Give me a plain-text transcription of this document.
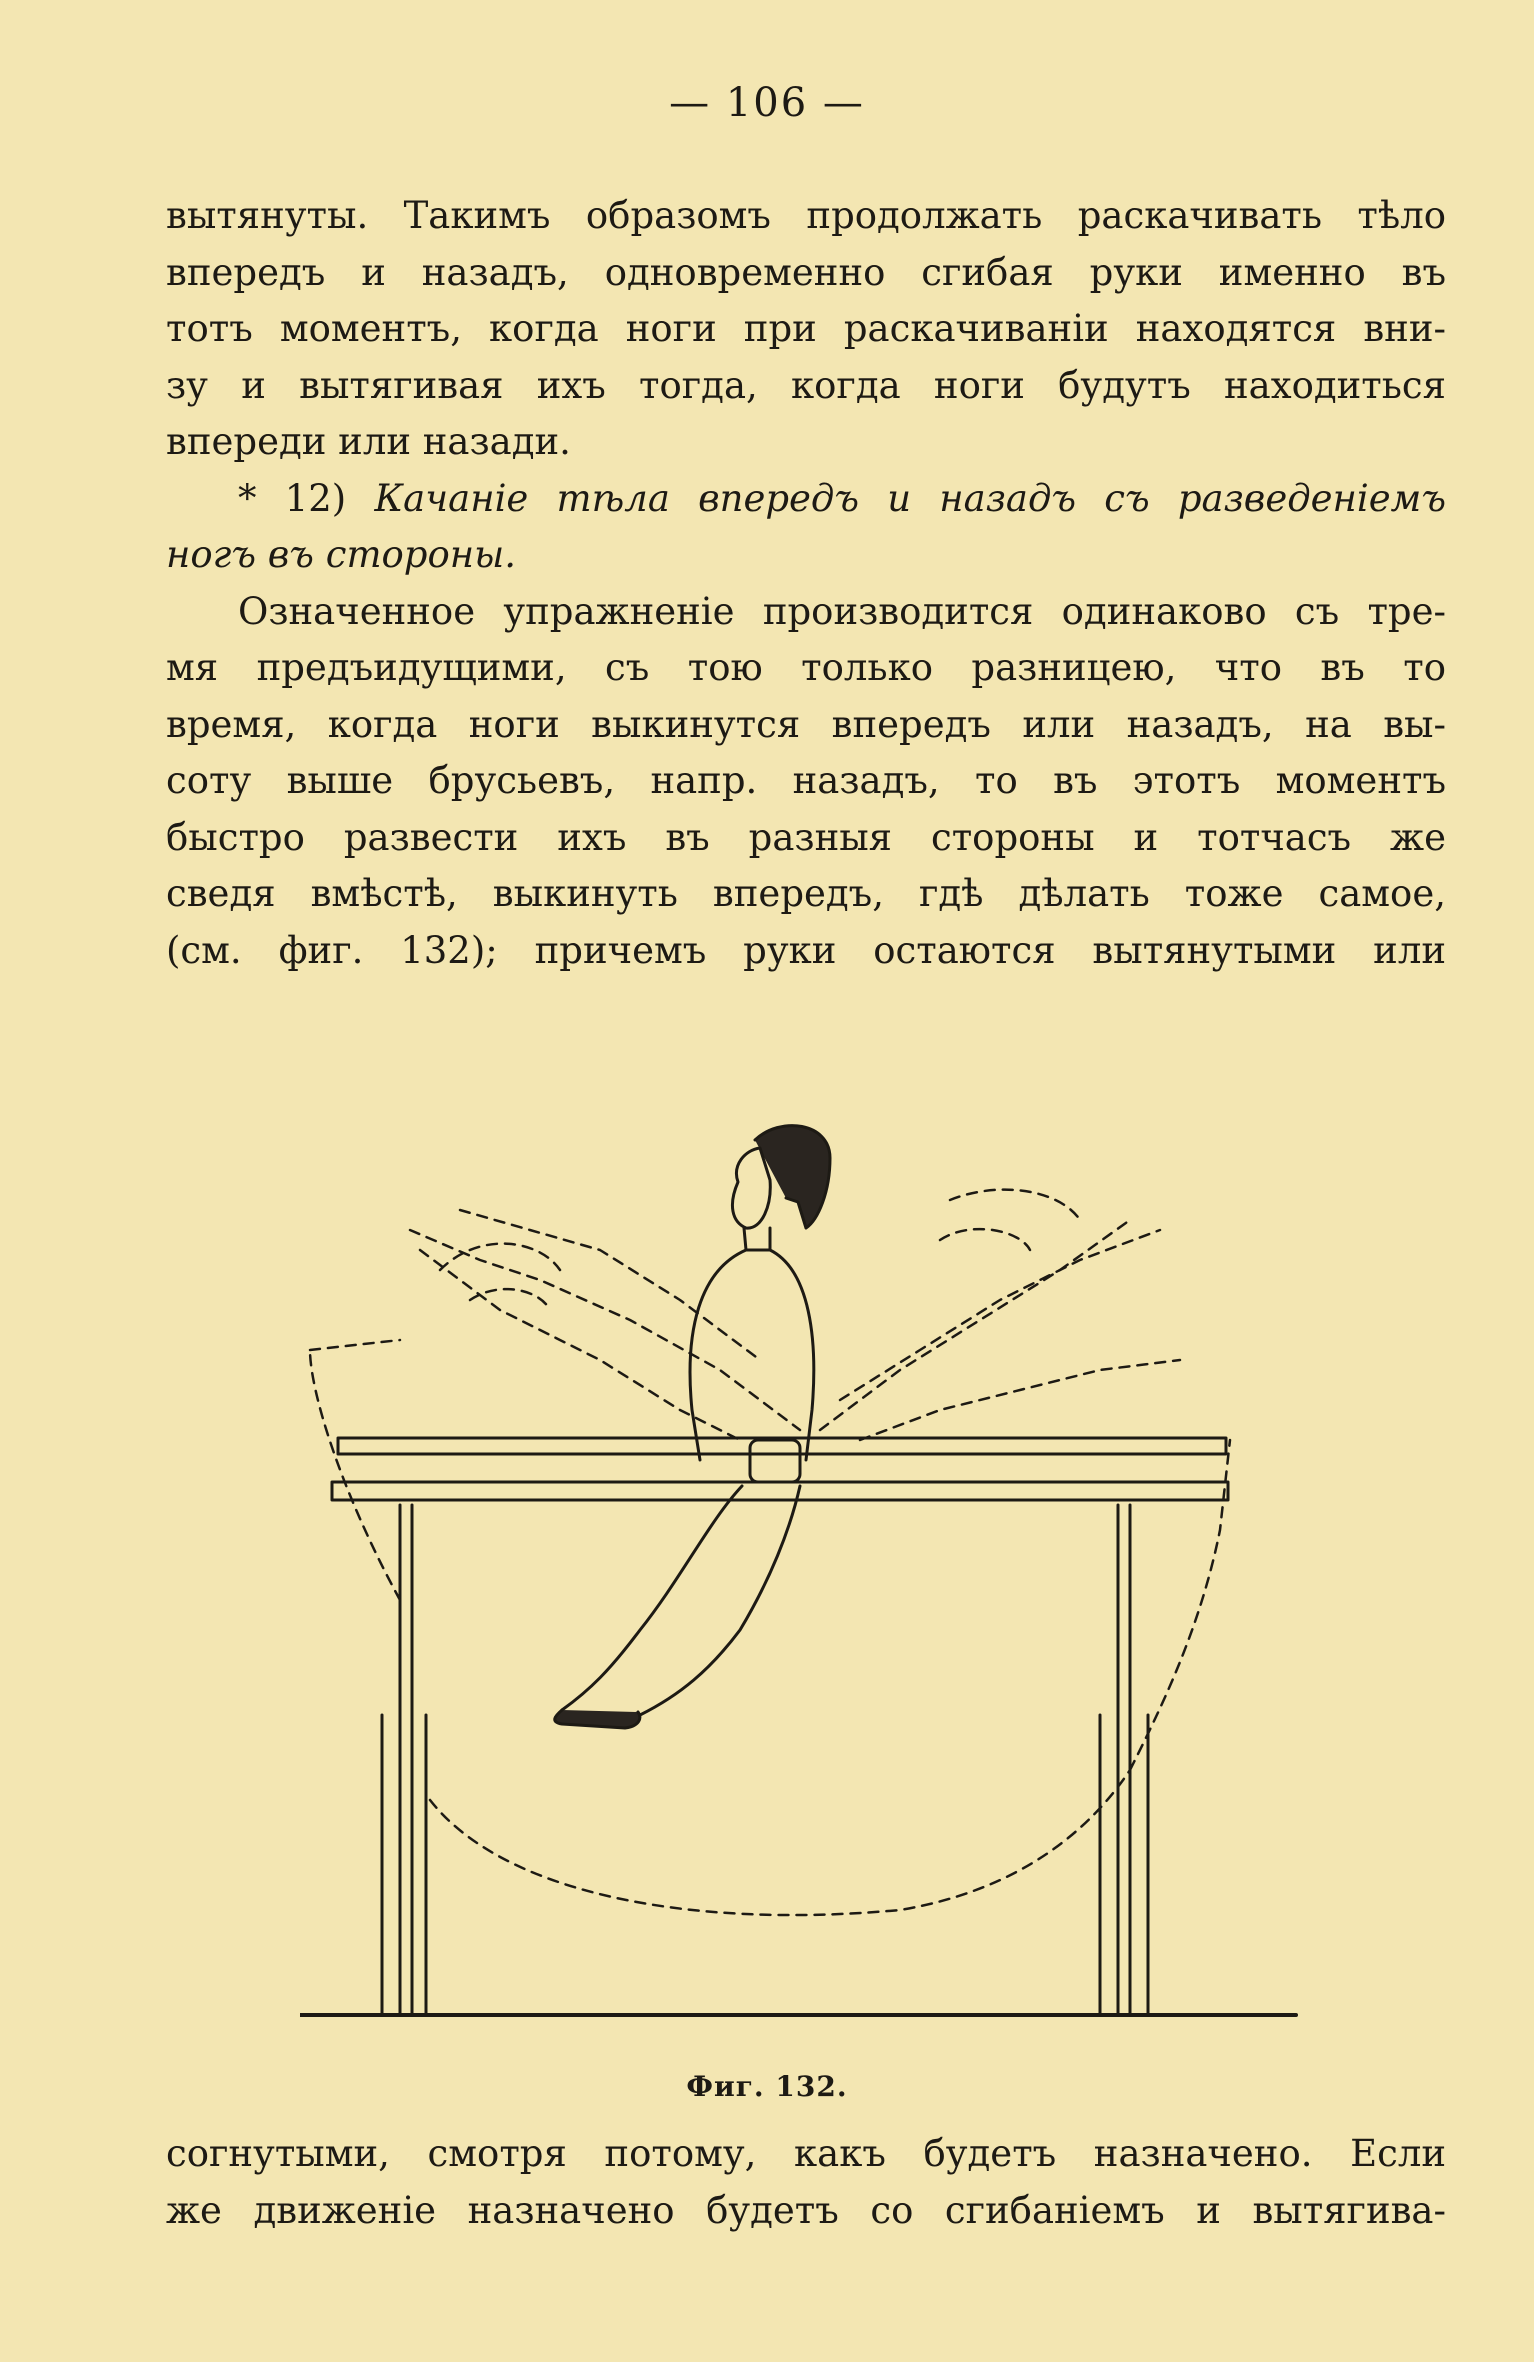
— 106 —
вытянуты. Такимъ образомъ продолжать раскачивать тѣло
впередъ и назадъ, одновременно сгибая руки именно въ
тотъ моментъ, когда ноги при раскачиваніи находятся вни-
зу и вытягивая ихъ тогда, когда ноги будутъ находиться
впереди или назади.
* 12) Качаніе тѣла впередъ и назадъ съ разведеніемъ
ногъ въ стороны.
Означенное упражненіе производится одинаково съ тре-
мя предъидущими, съ тою только разницею, что въ то
время, когда ноги выкинутся впередъ или назадъ, на вы-
соту выше брусьевъ, напр. назадъ, то въ этотъ моментъ
быстро развести ихъ въ разныя стороны и тотчасъ же
сведя вмѣстѣ, выкинуть впередъ, гдѣ дѣлать тоже самое,
(см. фиг. 132); причемъ руки остаются вытянутыми или
Фиг. 132.
согнутыми, смотря потому, какъ будетъ назначено. Если
же движеніе назначено будетъ со сгибаніемъ и вытягива-
